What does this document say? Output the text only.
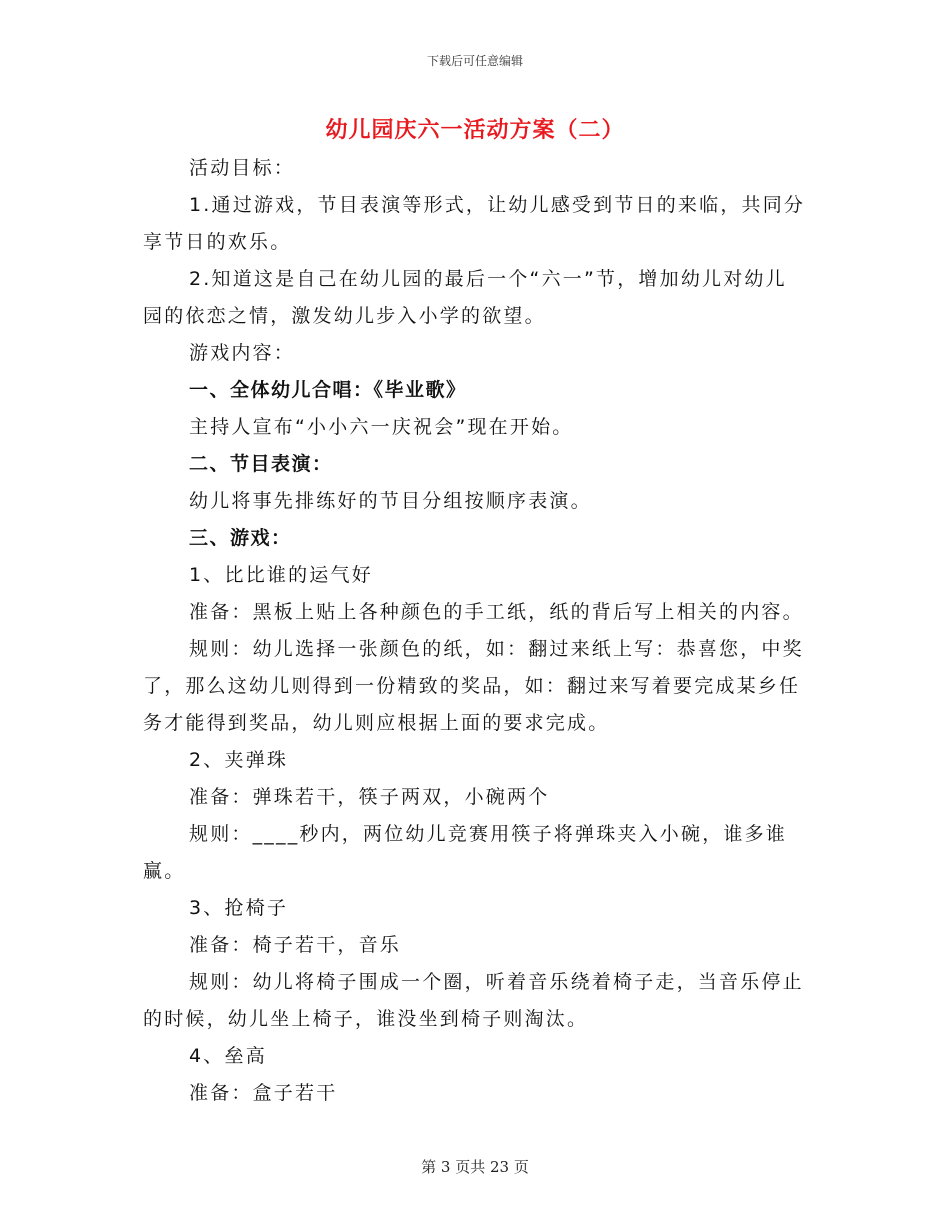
下载后可任意编辑
幼儿园庆六一活动方案（二）

活动目标：

1.通过游戏，节目表演等形式，让幼儿感受到节日的来临，共同分享节日的欢乐。

2.知道这是自己在幼儿园的最后一个“六一”节，增加幼儿对幼儿园的依恋之情，激发幼儿步入小学的欲望。

游戏内容：

一、全体幼儿合唱：《毕业歌》

主持人宣布“小小六一庆祝会”现在开始。

二、节目表演：

幼儿将事先排练好的节目分组按顺序表演。

三、游戏：

1、比比谁的运气好

准备：黑板上贴上各种颜色的手工纸，纸的背后写上相关的内容。

规则：幼儿选择一张颜色的纸，如：翻过来纸上写：恭喜您，中奖了，那么这幼儿则得到一份精致的奖品，如：翻过来写着要完成某乡任务才能得到奖品，幼儿则应根据上面的要求完成。

2、夹弹珠

准备：弹珠若干，筷子两双，小碗两个

规则：____秒内，两位幼儿竞赛用筷子将弹珠夹入小碗，谁多谁赢。

3、抢椅子

准备：椅子若干，音乐

规则：幼儿将椅子围成一个圈，听着音乐绕着椅子走，当音乐停止的时候，幼儿坐上椅子，谁没坐到椅子则淘汰。

4、垒高

准备：盒子若干

第 3 页共 23 页
